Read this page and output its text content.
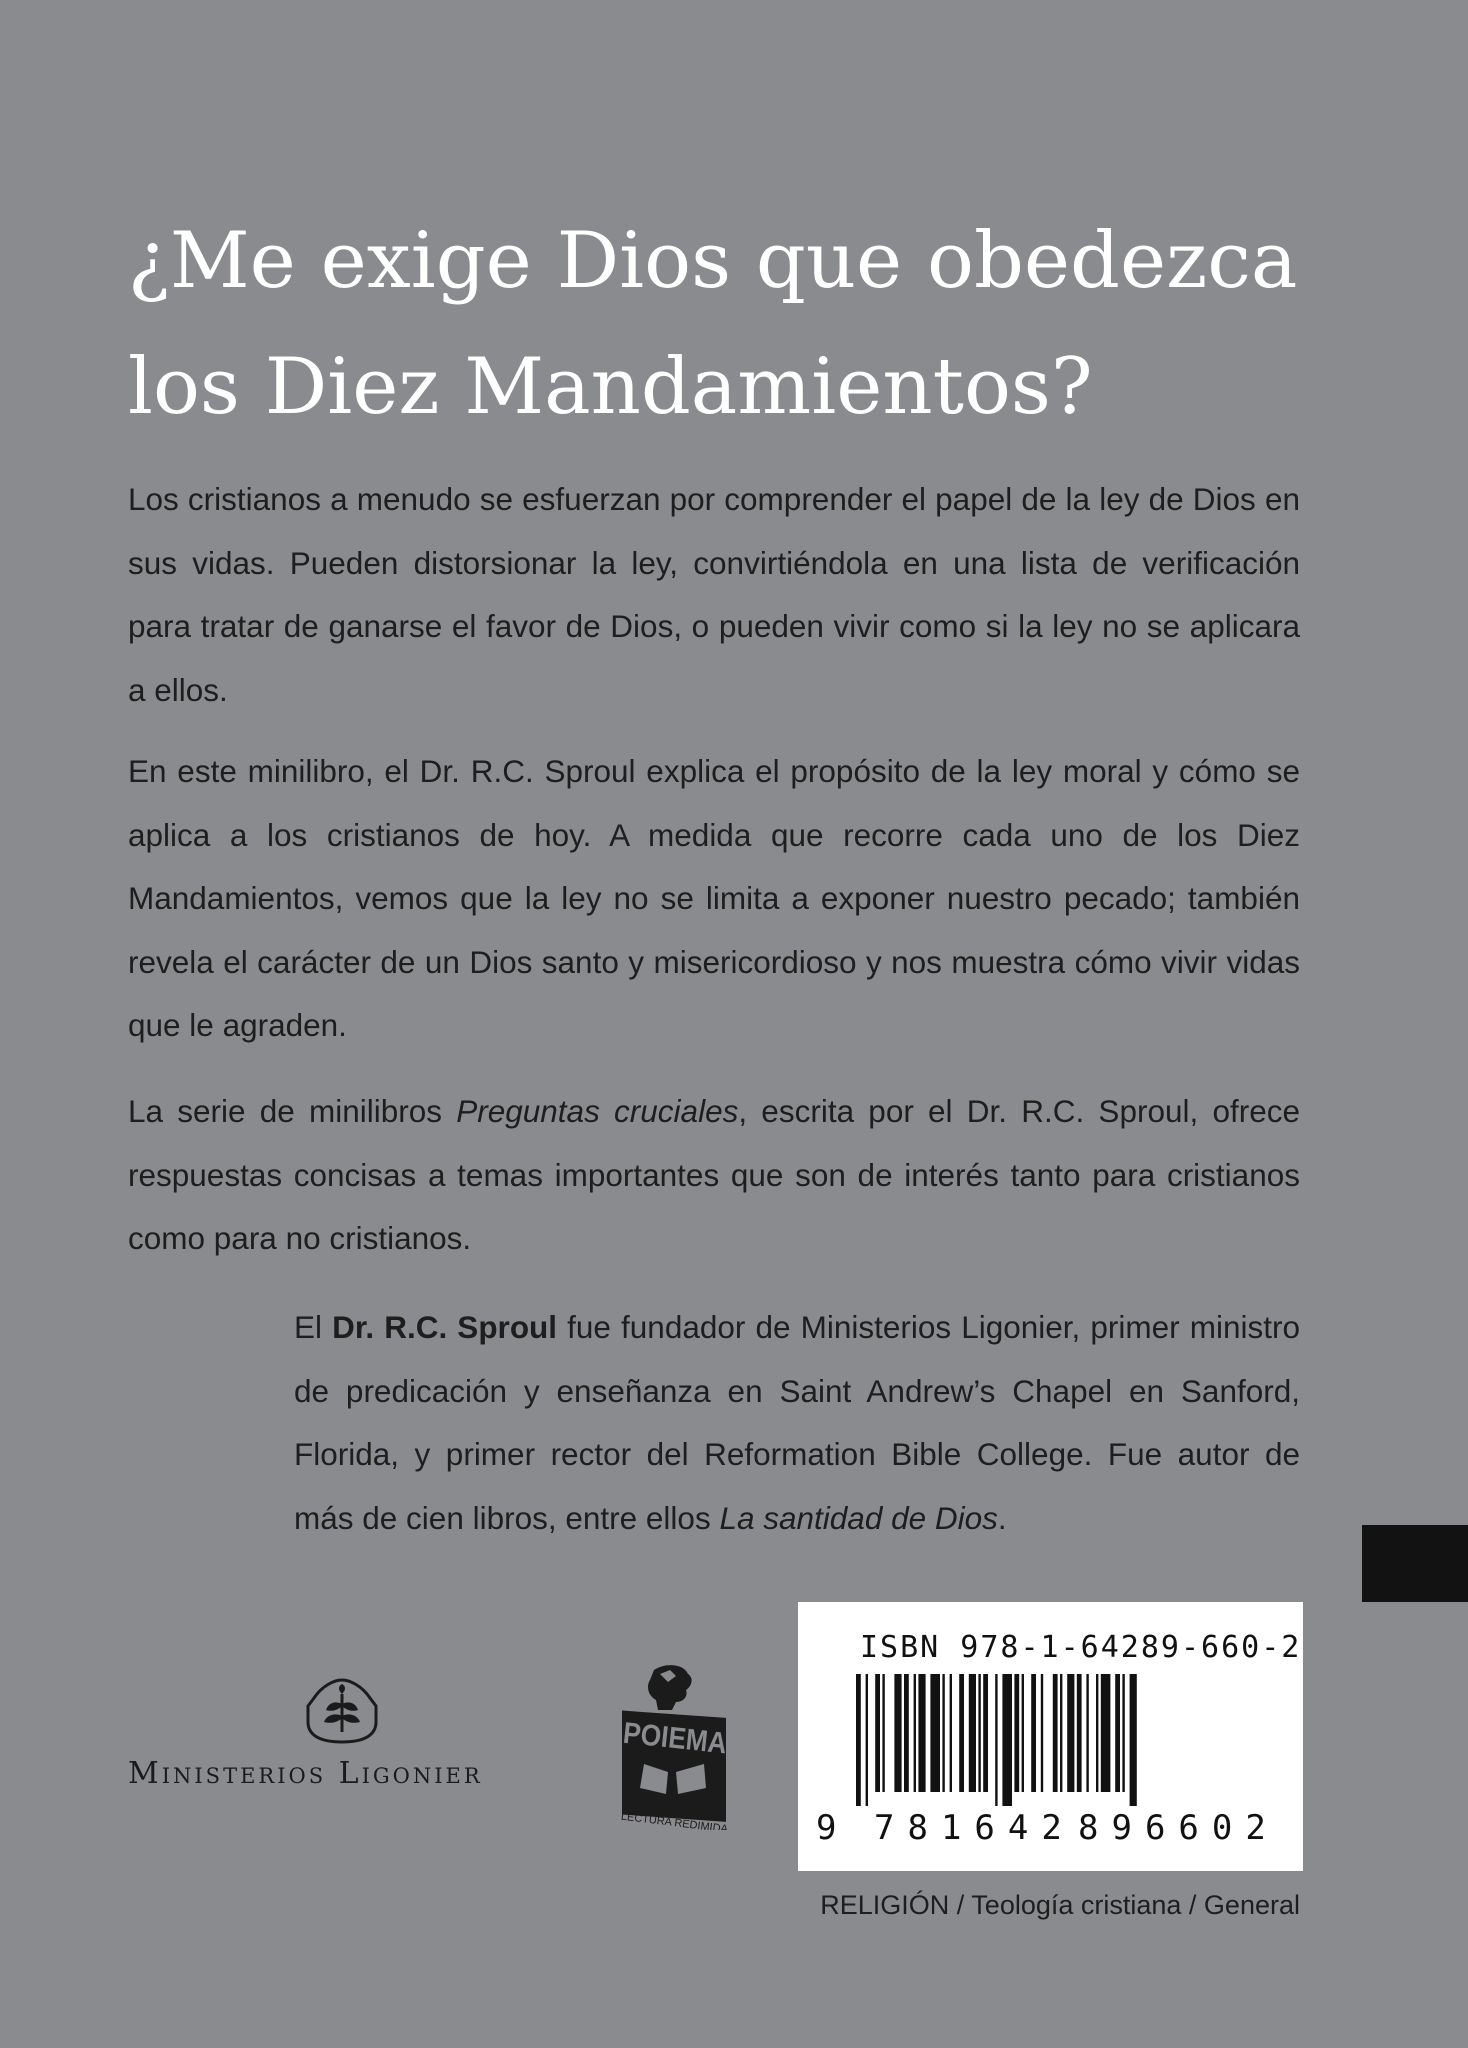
¿Me exige Dios que obedezca
los Diez Mandamientos?

Los cristianos a menudo se esfuerzan por comprender el papel de la ley de Dios en sus vidas. Pueden distorsionar la ley, convirtiéndola en una lista de verificación para tratar de ganarse el favor de Dios, o pueden vivir como si la ley no se aplicara a ellos.

En este minilibro, el Dr. R.C. Sproul explica el propósito de la ley moral y cómo se aplica a los cristianos de hoy. A medida que recorre cada uno de los Diez Mandamientos, vemos que la ley no se limita a exponer nuestro pecado; también revela el carácter de un Dios santo y misericordioso y nos muestra cómo vivir vidas que le agraden.

La serie de minilibros Preguntas cruciales, escrita por el Dr. R.C. Sproul, ofrece respuestas concisas a temas importantes que son de interés tanto para cristianos como para no cristianos.

El Dr. R.C. Sproul fue fundador de Ministerios Ligonier, primer ministro de predicación y enseñanza en Saint Andrew’s Chapel en Sanford, Florida, y primer rector del Reformation Bible College. Fue autor de más de cien libros, entre ellos La santidad de Dios.

Ministerios Ligonier
POIEMA
LECTURA REDIMIDA
ISBN 978-1-64289-660-2
9 781642 896602
RELIGIÓN / Teología cristiana / General
